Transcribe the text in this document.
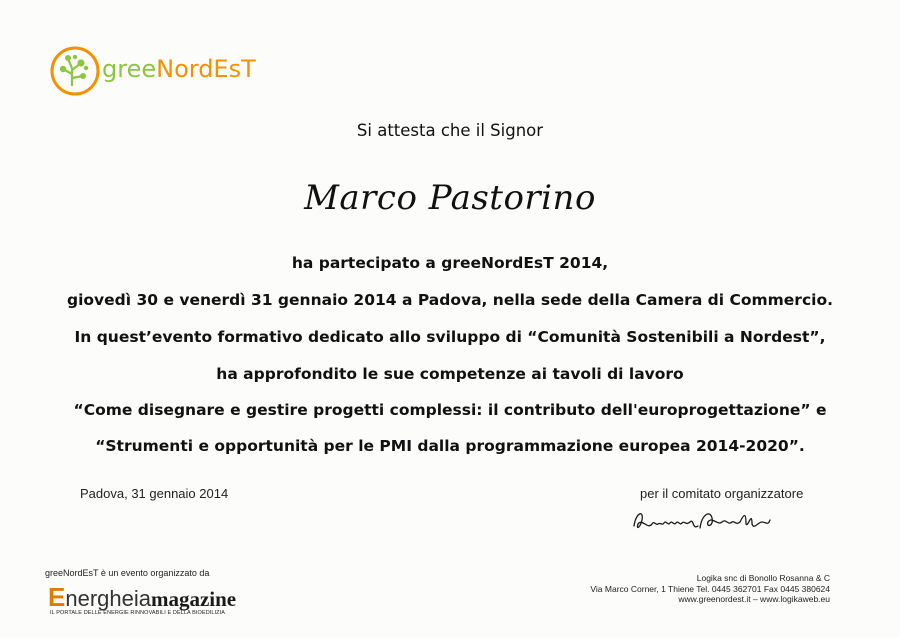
greeNordEsT
Si attesta che il Signor
Marco Pastorino
ha partecipato a greeNordEsT 2014,
giovedì 30 e venerdì 31 gennaio 2014 a Padova, nella sede della Camera di Commercio.
In quest’evento formativo dedicato allo sviluppo di “Comunità Sostenibili a Nordest”,
ha approfondito le sue competenze ai tavoli di lavoro
“Come disegnare e gestire progetti complessi: il contributo dell'europrogettazione” e
“Strumenti e opportunità per le PMI dalla programmazione europea 2014-2020”.
Padova, 31 gennaio 2014	per il comitato organizzatore
greeNordEsT è un evento organizzato da
Energheiamagazine
IL PORTALE DELLE ENERGIE RINNOVABILI E DELLA BIOEDILIZIA
Logika snc di Bonollo Rosanna & C
Via Marco Corner, 1 Thiene Tel. 0445 362701 Fax 0445 380624
www.greenordest.it – www.logikaweb.eu
